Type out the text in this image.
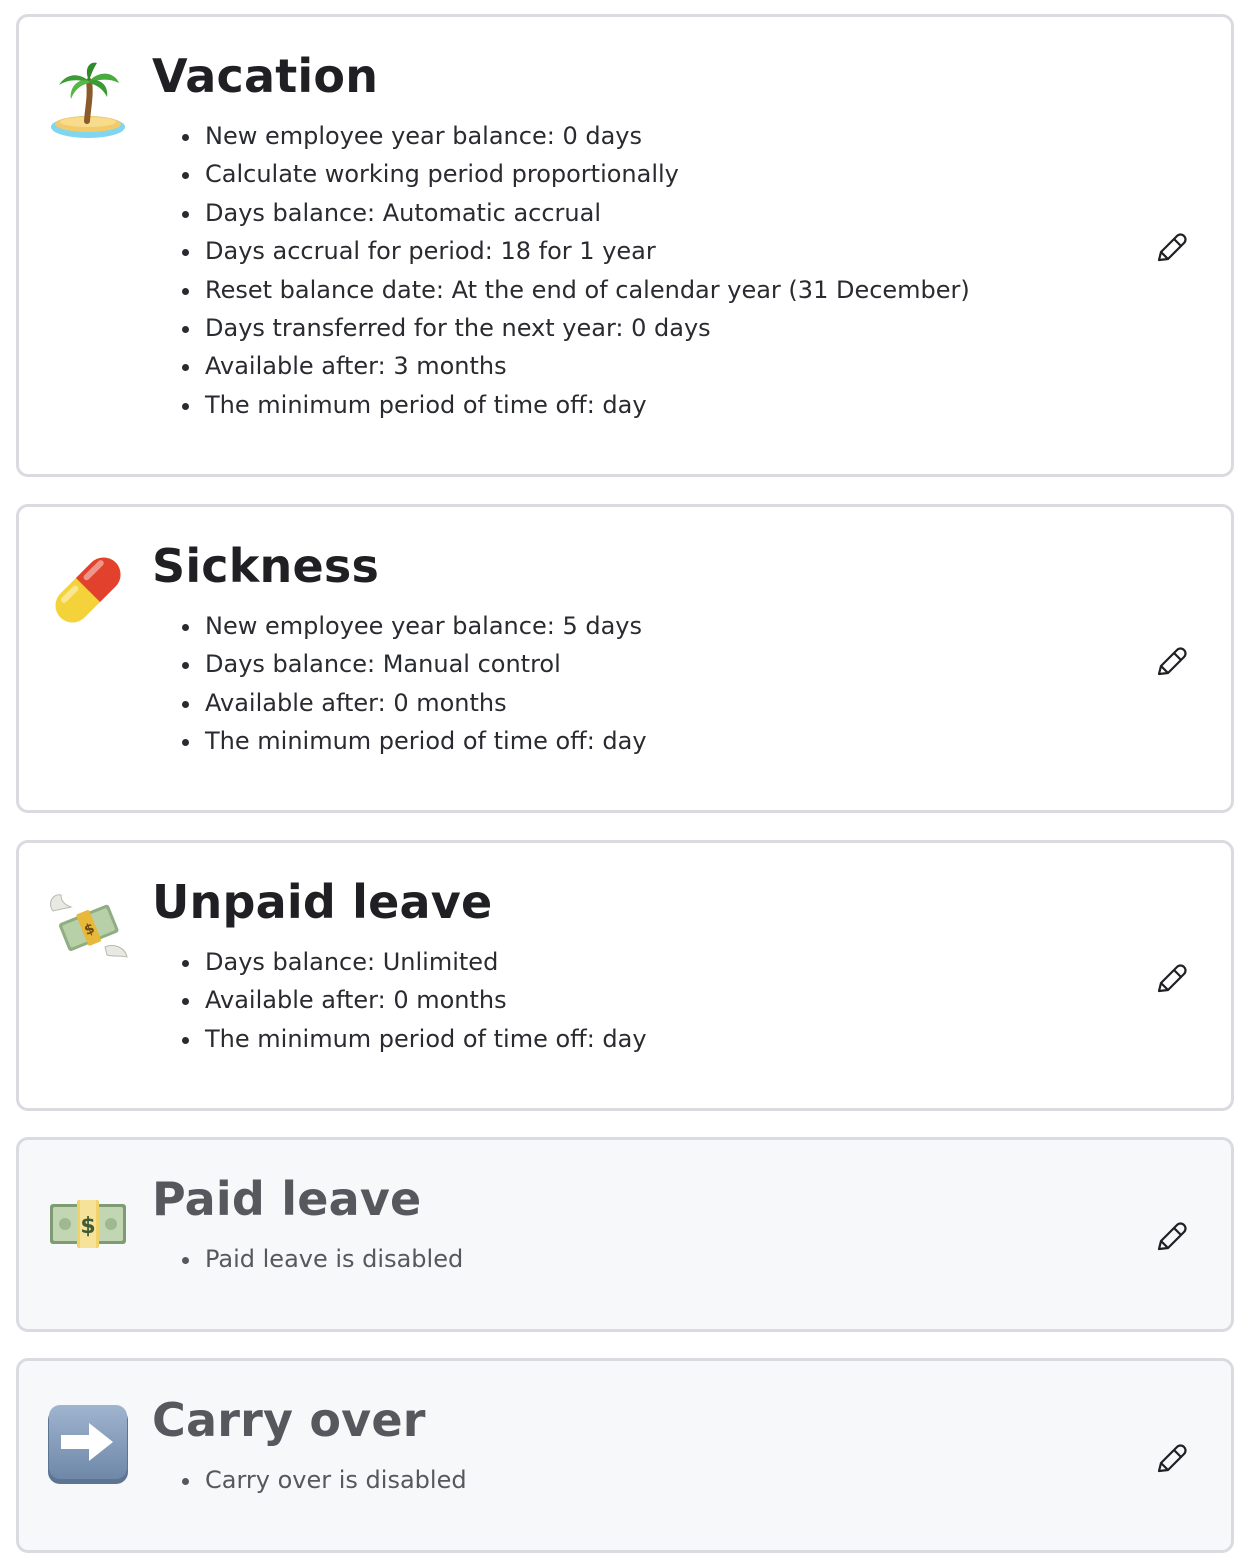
Vacation
• New employee year balance: 0 days
• Calculate working period proportionally
• Days balance: Automatic accrual
• Days accrual for period: 18 for 1 year
• Reset balance date: At the end of calendar year (31 December)
• Days transferred for the next year: 0 days
• Available after: 3 months
• The minimum period of time off: day
Sickness
• New employee year balance: 5 days
• Days balance: Manual control
• Available after: 0 months
• The minimum period of time off: day
$
Unpaid leave
• Days balance: Unlimited
• Available after: 0 months
• The minimum period of time off: day
$
Paid leave
• Paid leave is disabled
Carry over
• Carry over is disabled
